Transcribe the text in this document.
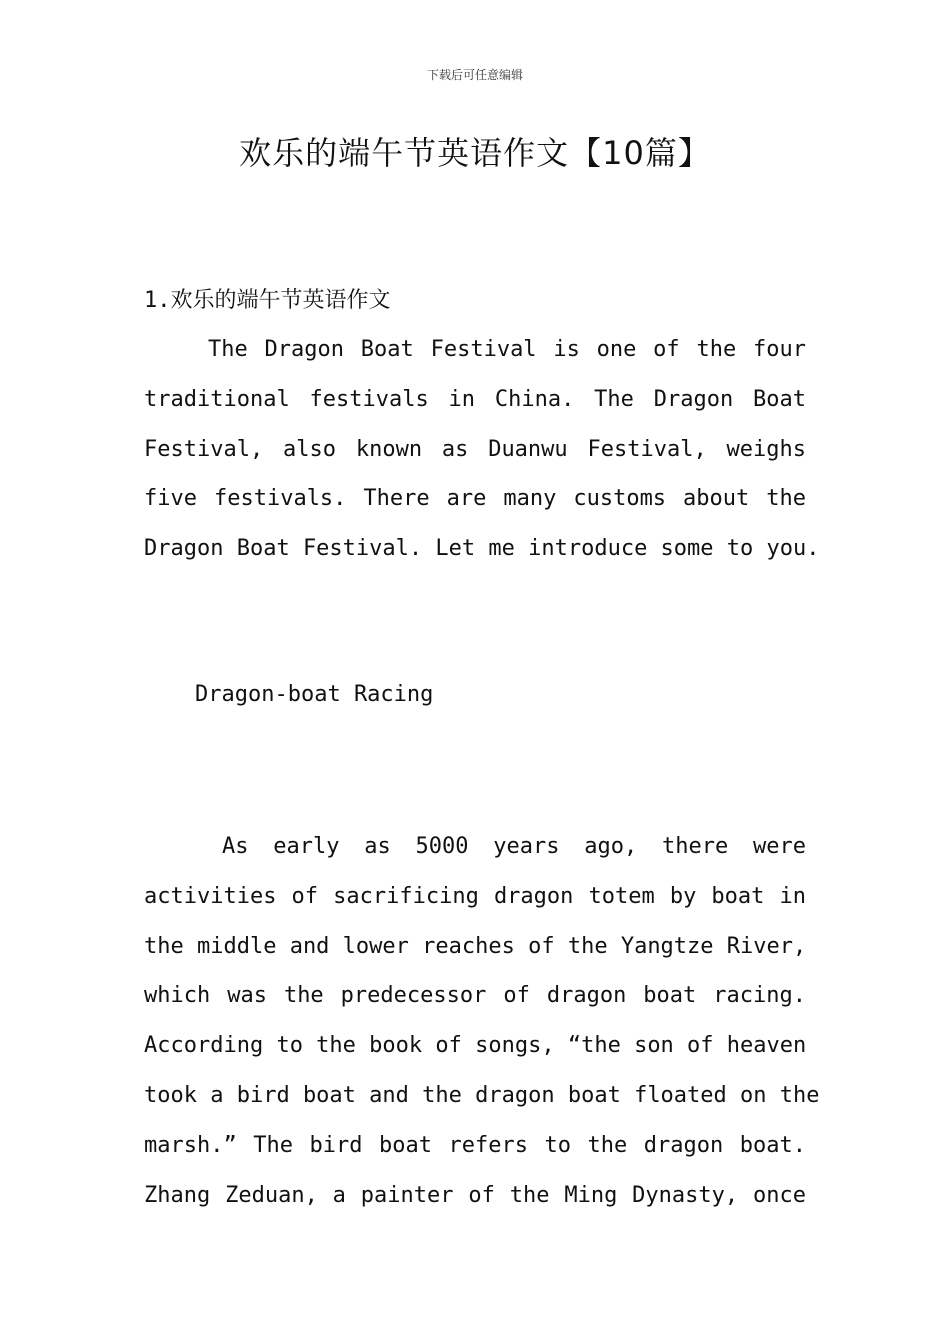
下载后可任意编辑
欢乐的端午节英语作文【10篇】
1.欢乐的端午节英语作文
The Dragon Boat Festival is one of the four
traditional festivals in China. The Dragon Boat
Festival, also known as Duanwu Festival, weighs
five festivals. There are many customs about the
Dragon Boat Festival. Let me introduce some to you.
Dragon-boat Racing
As early as 5000 years ago, there were
activities of sacrificing dragon totem by boat in
the middle and lower reaches of the Yangtze River,
which was the predecessor of dragon boat racing.
According to the book of songs, “the son of heaven
took a bird boat and the dragon boat floated on the
marsh.” The bird boat refers to the dragon boat.
Zhang Zeduan, a painter of the Ming Dynasty, once
